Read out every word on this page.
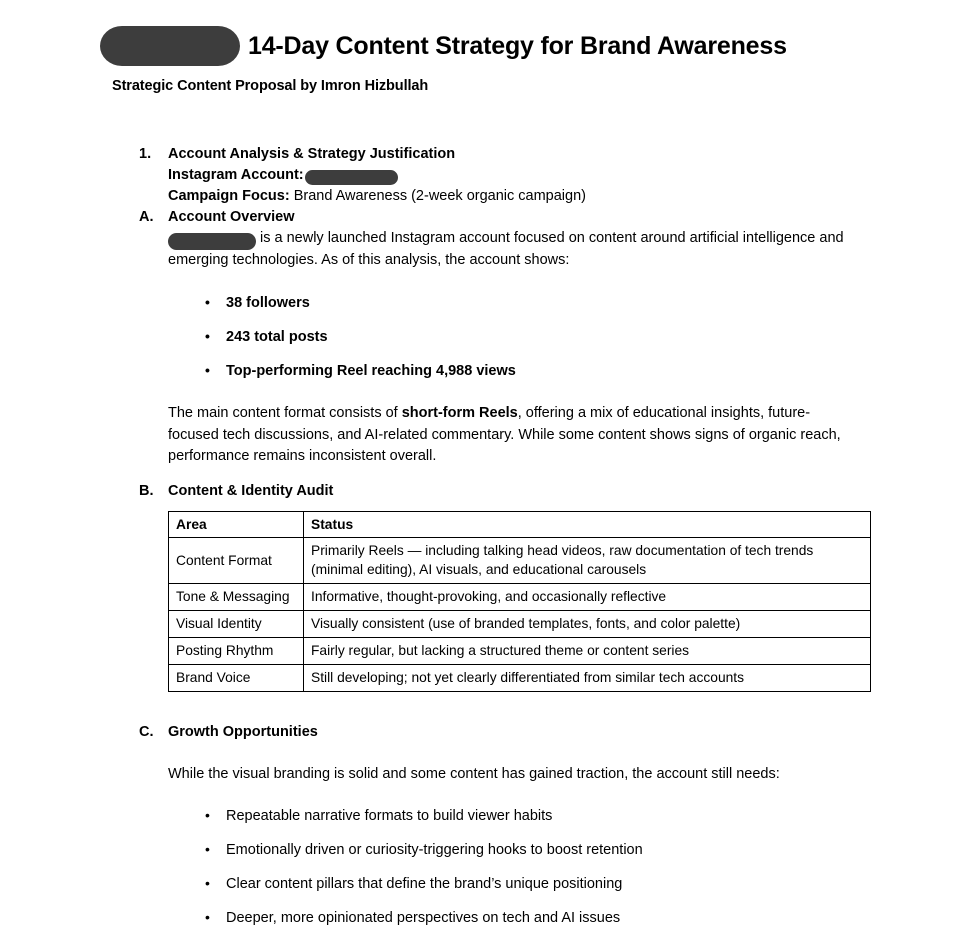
14-Day Content Strategy for Brand Awareness
Strategic Content Proposal by Imron Hizbullah
1. Account Analysis & Strategy Justification
Instagram Account:
Campaign Focus: Brand Awareness (2-week organic campaign)
A. Account Overview
is a newly launched Instagram account focused on content around artificial intelligence and emerging technologies. As of this analysis, the account shows:
• 38 followers
• 243 total posts
• Top-performing Reel reaching 4,988 views
The main content format consists of short-form Reels, offering a mix of educational insights, future-focused tech discussions, and AI-related commentary. While some content shows signs of organic reach, performance remains inconsistent overall.
B. Content & Identity Audit
Area	Status
Content Format	Primarily Reels — including talking head videos, raw documentation of tech trends (minimal editing), AI visuals, and educational carousels
Tone & Messaging	Informative, thought-provoking, and occasionally reflective
Visual Identity	Visually consistent (use of branded templates, fonts, and color palette)
Posting Rhythm	Fairly regular, but lacking a structured theme or content series
Brand Voice	Still developing; not yet clearly differentiated from similar tech accounts
C. Growth Opportunities
While the visual branding is solid and some content has gained traction, the account still needs:
• Repeatable narrative formats to build viewer habits
• Emotionally driven or curiosity-triggering hooks to boost retention
• Clear content pillars that define the brand’s unique positioning
• Deeper, more opinionated perspectives on tech and AI issues
